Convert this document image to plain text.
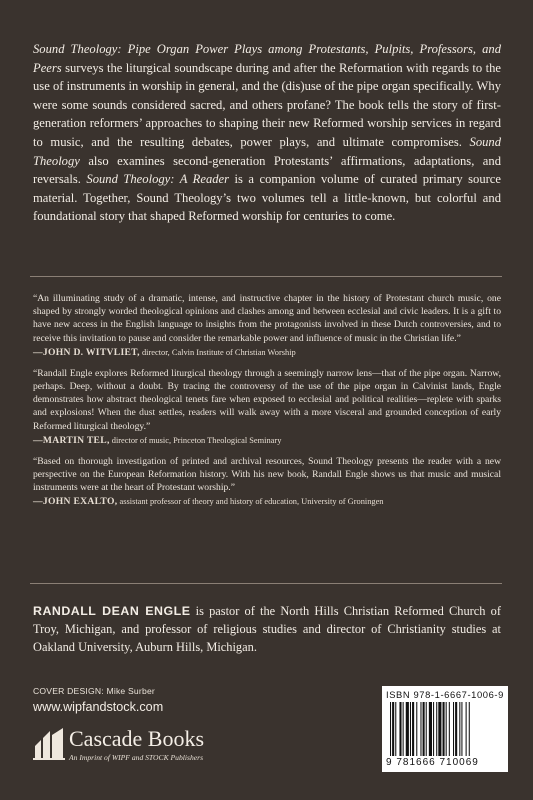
Sound Theology: Pipe Organ Power Plays among Protestants, Pulpits, Professors, and Peers surveys the liturgical soundscape during and after the Reformation with regards to the use of instruments in worship in general, and the (dis)use of the pipe organ specifically. Why were some sounds considered sacred, and others profane? The book tells the story of first-generation reformers’ approaches to shaping their new Reformed worship services in regard to music, and the resulting debates, power plays, and ultimate compromises. Sound Theology also examines second-generation Protestants’ affirmations, adaptations, and reversals. Sound Theology: A Reader is a companion volume of curated primary source material. Together, Sound Theology’s two volumes tell a little-known, but colorful and foundational story that shaped Reformed worship for centuries to come.
“An illuminating study of a dramatic, intense, and instructive chapter in the history of Protestant church music, one shaped by strongly worded theological opinions and clashes among and between ecclesial and civic leaders. It is a gift to have new access in the English language to insights from the protagonists involved in these Dutch controversies, and to receive this invitation to pause and consider the remarkable power and influence of music in the Christian life.”
—JOHN D. WITVLIET, director, Calvin Institute of Christian Worship
“Randall Engle explores Reformed liturgical theology through a seemingly narrow lens—that of the pipe organ. Narrow, perhaps. Deep, without a doubt. By tracing the controversy of the use of the pipe organ in Calvinist lands, Engle demonstrates how abstract theological tenets fare when exposed to ecclesial and political realities—replete with sparks and explosions! When the dust settles, readers will walk away with a more visceral and grounded conception of early Reformed liturgical theology.”
—MARTIN TEL, director of music, Princeton Theological Seminary
“Based on thorough investigation of printed and archival resources, Sound Theology presents the reader with a new perspective on the European Reformation history. With his new book, Randall Engle shows us that music and musical instruments were at the heart of Protestant worship.”
—JOHN EXALTO, assistant professor of theory and history of education, University of Groningen
RANDALL DEAN ENGLE is pastor of the North Hills Christian Reformed Church of Troy, Michigan, and professor of religious studies and director of Christianity studies at Oakland University, Auburn Hills, Michigan.
COVER DESIGN: Mike Surber
www.wipfandstock.com
Cascade Books
An Imprint of WIPF and STOCK Publishers
ISBN 978-1-6667-1006-9
9 781666 710069
